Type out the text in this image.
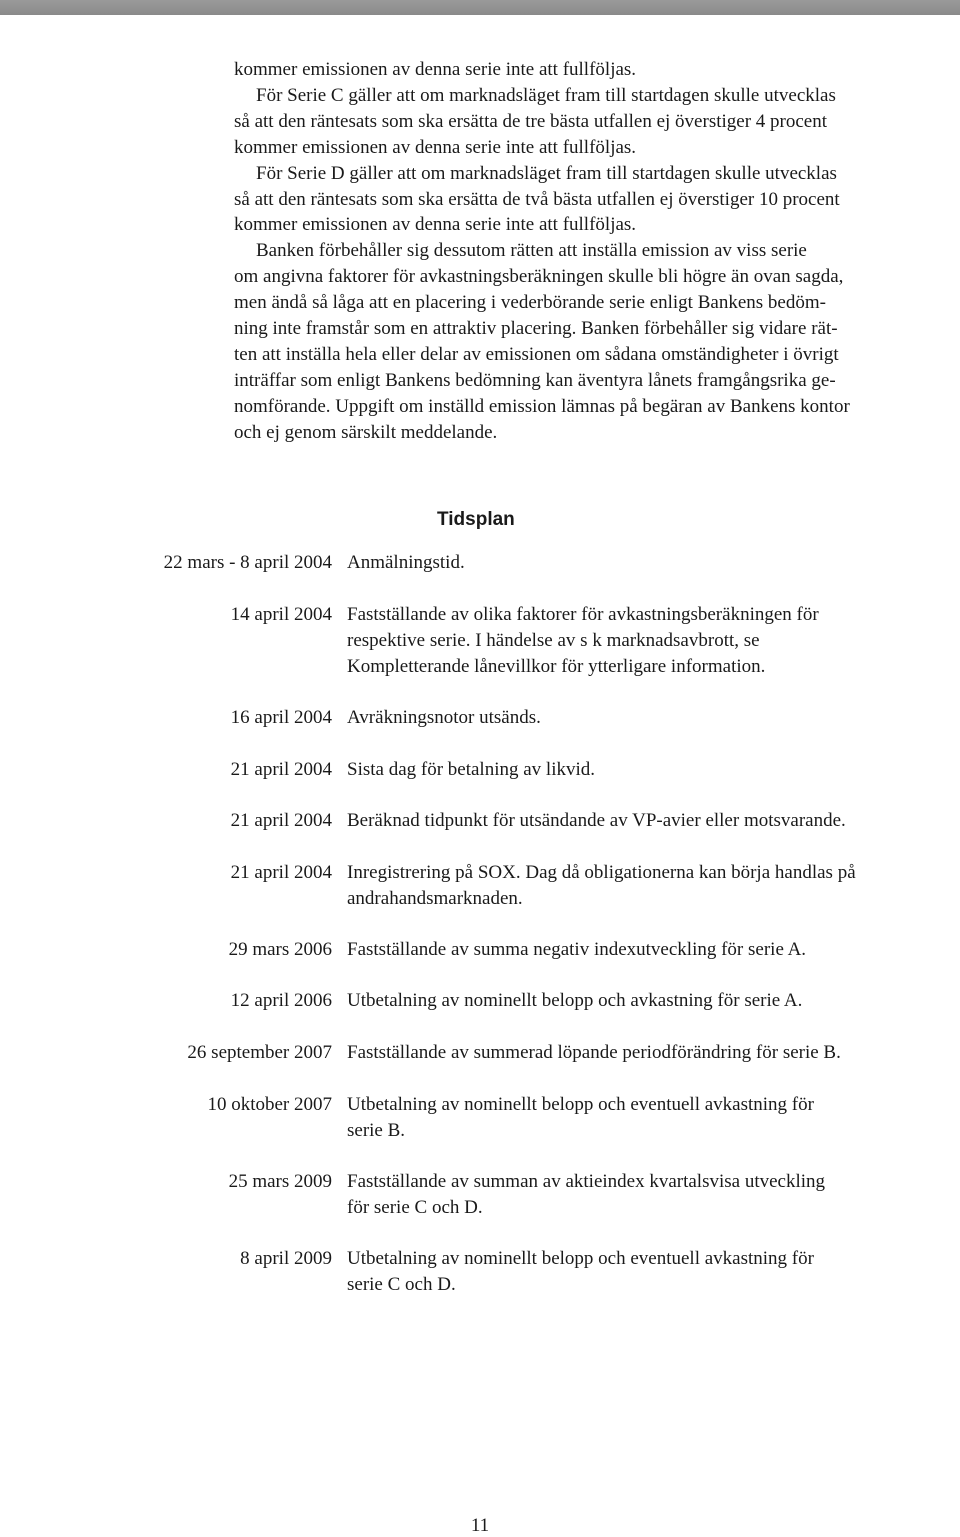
kommer emissionen av denna serie inte att fullföljas.

För Serie C gäller att om marknadsläget fram till startdagen skulle utvecklas

så att den räntesats som ska ersätta de tre bästa utfallen ej överstiger 4 procent

kommer emissionen av denna serie inte att fullföljas.

För Serie D gäller att om marknadsläget fram till startdagen skulle utvecklas

så att den räntesats som ska ersätta de två bästa utfallen ej överstiger 10 procent

kommer emissionen av denna serie inte att fullföljas.

Banken förbehåller sig dessutom rätten att inställa emission av viss serie

om angivna faktorer för avkastningsberäkningen skulle bli högre än ovan sagda,

men ändå så låga att en placering i vederbörande serie enligt Bankens bedöm-

ning inte framstår som en attraktiv placering. Banken förbehåller sig vidare rät-

ten att inställa hela eller delar av emissionen om sådana omständigheter i övrigt

inträffar som enligt Bankens bedömning kan äventyra lånets framgångsrika ge-

nomförande. Uppgift om inställd emission lämnas på begäran av Bankens kontor

och ej genom särskilt meddelande.

Tidsplan
22 mars - 8 april 2004 Anmälningstid.
14 april 2004 Fastställande av olika faktorer för avkastningsberäkningen för
respektive serie. I händelse av s k marknadsavbrott, se
Kompletterande lånevillkor för ytterligare information.
16 april 2004 Avräkningsnotor utsänds.
21 april 2004 Sista dag för betalning av likvid.
21 april 2004 Beräknad tidpunkt för utsändande av VP-avier eller motsvarande.
21 april 2004 Inregistrering på SOX. Dag då obligationerna kan börja handlas på
andrahandsmarknaden.
29 mars 2006 Fastställande av summa negativ indexutveckling för serie A.
12 april 2006 Utbetalning av nominellt belopp och avkastning för serie A.
26 september 2007 Fastställande av summerad löpande periodförändring för serie B.
10 oktober 2007 Utbetalning av nominellt belopp och eventuell avkastning för
serie B.
25 mars 2009 Fastställande av summan av aktieindex kvartalsvisa utveckling
för serie C och D.
8 april 2009 Utbetalning av nominellt belopp och eventuell avkastning för
serie C och D.
11
